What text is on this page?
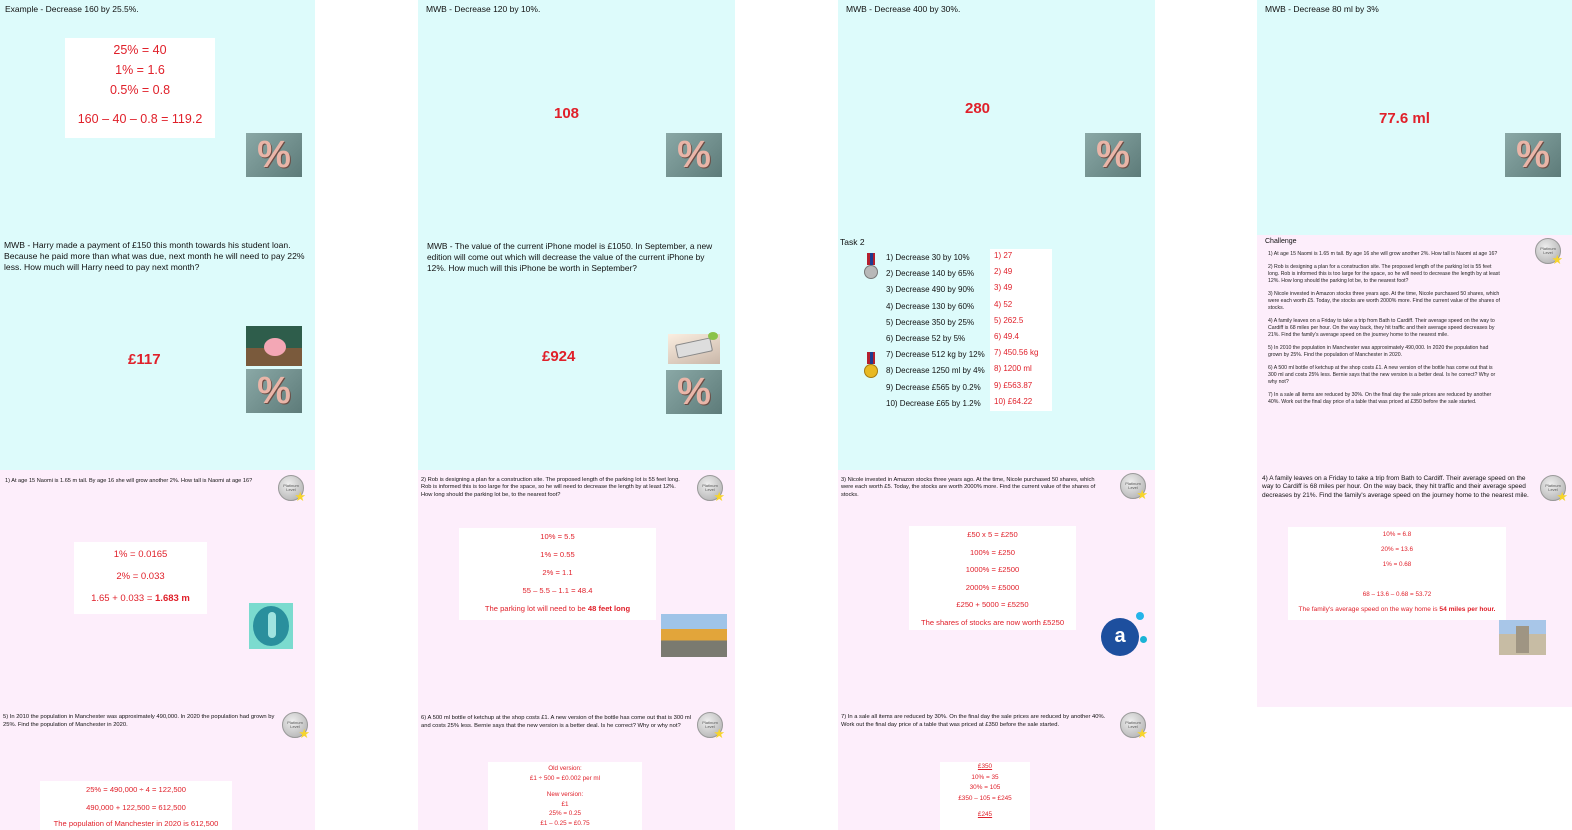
Example - Decrease 160 by 25.5%.
25% = 40
1% = 1.6
0.5% = 0.8
160 – 40 – 0.8 = 119.2
%
MWB - Harry made a payment of £150 this month towards his student loan. Because he paid more than what was due, next month he will need to pay 22% less. How much will Harry need to pay next month?
£117
%
1) At age 15 Naomi is 1.65 m tall. By age 16 she will grow another 2%. How tall is Naomi at age 16?
Platinum Level
★
1% = 0.0165
2% = 0.033
1.65 + 0.033 = 1.683 m
5) In 2010 the population in Manchester was approximately 490,000. In 2020 the population had grown by 25%. Find the population of Manchester in 2020.	Platinum Level
★
25% = 490,000 ÷ 4 = 122,500
490,000 + 122,500 = 612,500
The population of Manchester in 2020 is 612,500
MWB - Decrease 120 by 10%.
108
%
MWB - The value of the current iPhone model is £1050. In September, a new edition will come out which will decrease the value of the current iPhone by 12%. How much will this iPhone be worth in September?
£924
%
2) Rob is designing a plan for a construction site. The proposed length of the parking lot is 55 feet long. Rob is informed this is too large for the space, so he will need to decrease the length by at least 12%. How long should the parking lot be, to the nearest foot?
Platinum Level
★
10% = 5.5
1% = 0.55
2% = 1.1
55 – 5.5 – 1.1 = 48.4
The parking lot will need to be 48 feet long
6) A 500 ml bottle of ketchup at the shop costs £1. A new version of the bottle has come out that is 300 ml and costs 25% less. Bernie says that the new version is a better deal. Is he correct? Why or why not?
Platinum Level
★
Old version:
£1 ÷ 500 = £0.002 per ml
New version:
£1
25% = 0.25
£1 – 0.25 = £0.75
MWB - Decrease 400 by 30%.
280
%
Task 2
1) Decrease 30 by 10%
2) Decrease 140 by 65%
3) Decrease 490 by 90%
4) Decrease 130 by 60%
5) Decrease 350 by 25%
6) Decrease 52 by 5%
7) Decrease 512 kg by 12%
8) Decrease 1250 ml by 4%
9) Decrease £565 by 0.2%
10) Decrease £65 by 1.2%
1) 27
2) 49
3) 49
4) 52
5) 262.5
6) 49.4
7) 450.56 kg
8) 1200 ml
9) £563.87
10) £64.22
3) Nicole invested in Amazon stocks three years ago. At the time, Nicole purchased 50 shares, which were each worth £5. Today, the stocks are worth 2000% more. Find the current value of the shares of stocks.
Platinum Level
★
£50 x 5 = £250
100% = £250
1000% = £2500
2000% = £5000
£250 + 5000 = £5250
The shares of stocks are now worth £5250
a
7) In a sale all items are reduced by 30%. On the final day the sale prices are reduced by another 40%. Work out the final day price of a table that was priced at £350 before the sale started.	Platinum Level
★
£350
10% = 35
30% = 105
£350 – 105 = £245
£245
MWB - Decrease 80 ml by 3%
77.6 ml
%
Challenge
Platinum Level
★

1) At age 15 Naomi is 1.65 m tall. By age 16 she will grow another 2%. How tall is Naomi at age 16?

2) Rob is designing a plan for a construction site. The proposed length of the parking lot is 55 feet long. Rob is informed this is too large for the space, so he will need to decrease the length by at least 12%. How long should the parking lot be, to the nearest foot?

3) Nicole invested in Amazon stocks three years ago. At the time, Nicole purchased 50 shares, which were each worth £5. Today, the stocks are worth 2000% more. Find the current value of the shares of stocks.

4) A family leaves on a Friday to take a trip from Bath to Cardiff. Their average speed on the way to Cardiff is 68 miles per hour. On the way back, they hit traffic and their average speed decreases by 21%. Find the family's average speed on the journey home to the nearest mile.

5) In 2010 the population in Manchester was approximately 490,000. In 2020 the population had grown by 25%. Find the population of Manchester in 2020.

6) A 500 ml bottle of ketchup at the shop costs £1. A new version of the bottle has come out that is 300 ml and costs 25% less. Bernie says that the new version is a better deal. Is he correct? Why or why not?

7) In a sale all items are reduced by 30%. On the final day the sale prices are reduced by another 40%. Work out the final day price of a table that was priced at £350 before the sale started.

4) A family leaves on a Friday to take a trip from Bath to Cardiff. Their average speed on the way to Cardiff is 68 miles per hour. On the way back, they hit traffic and their average speed decreases by 21%. Find the family's average speed on the journey home to the nearest mile.
Platinum Level
★
10% = 6.8
20% = 13.6
1% = 0.68
68 – 13.6 – 0.68 = 53.72
The family's average speed on the way home is 54 miles per hour.
